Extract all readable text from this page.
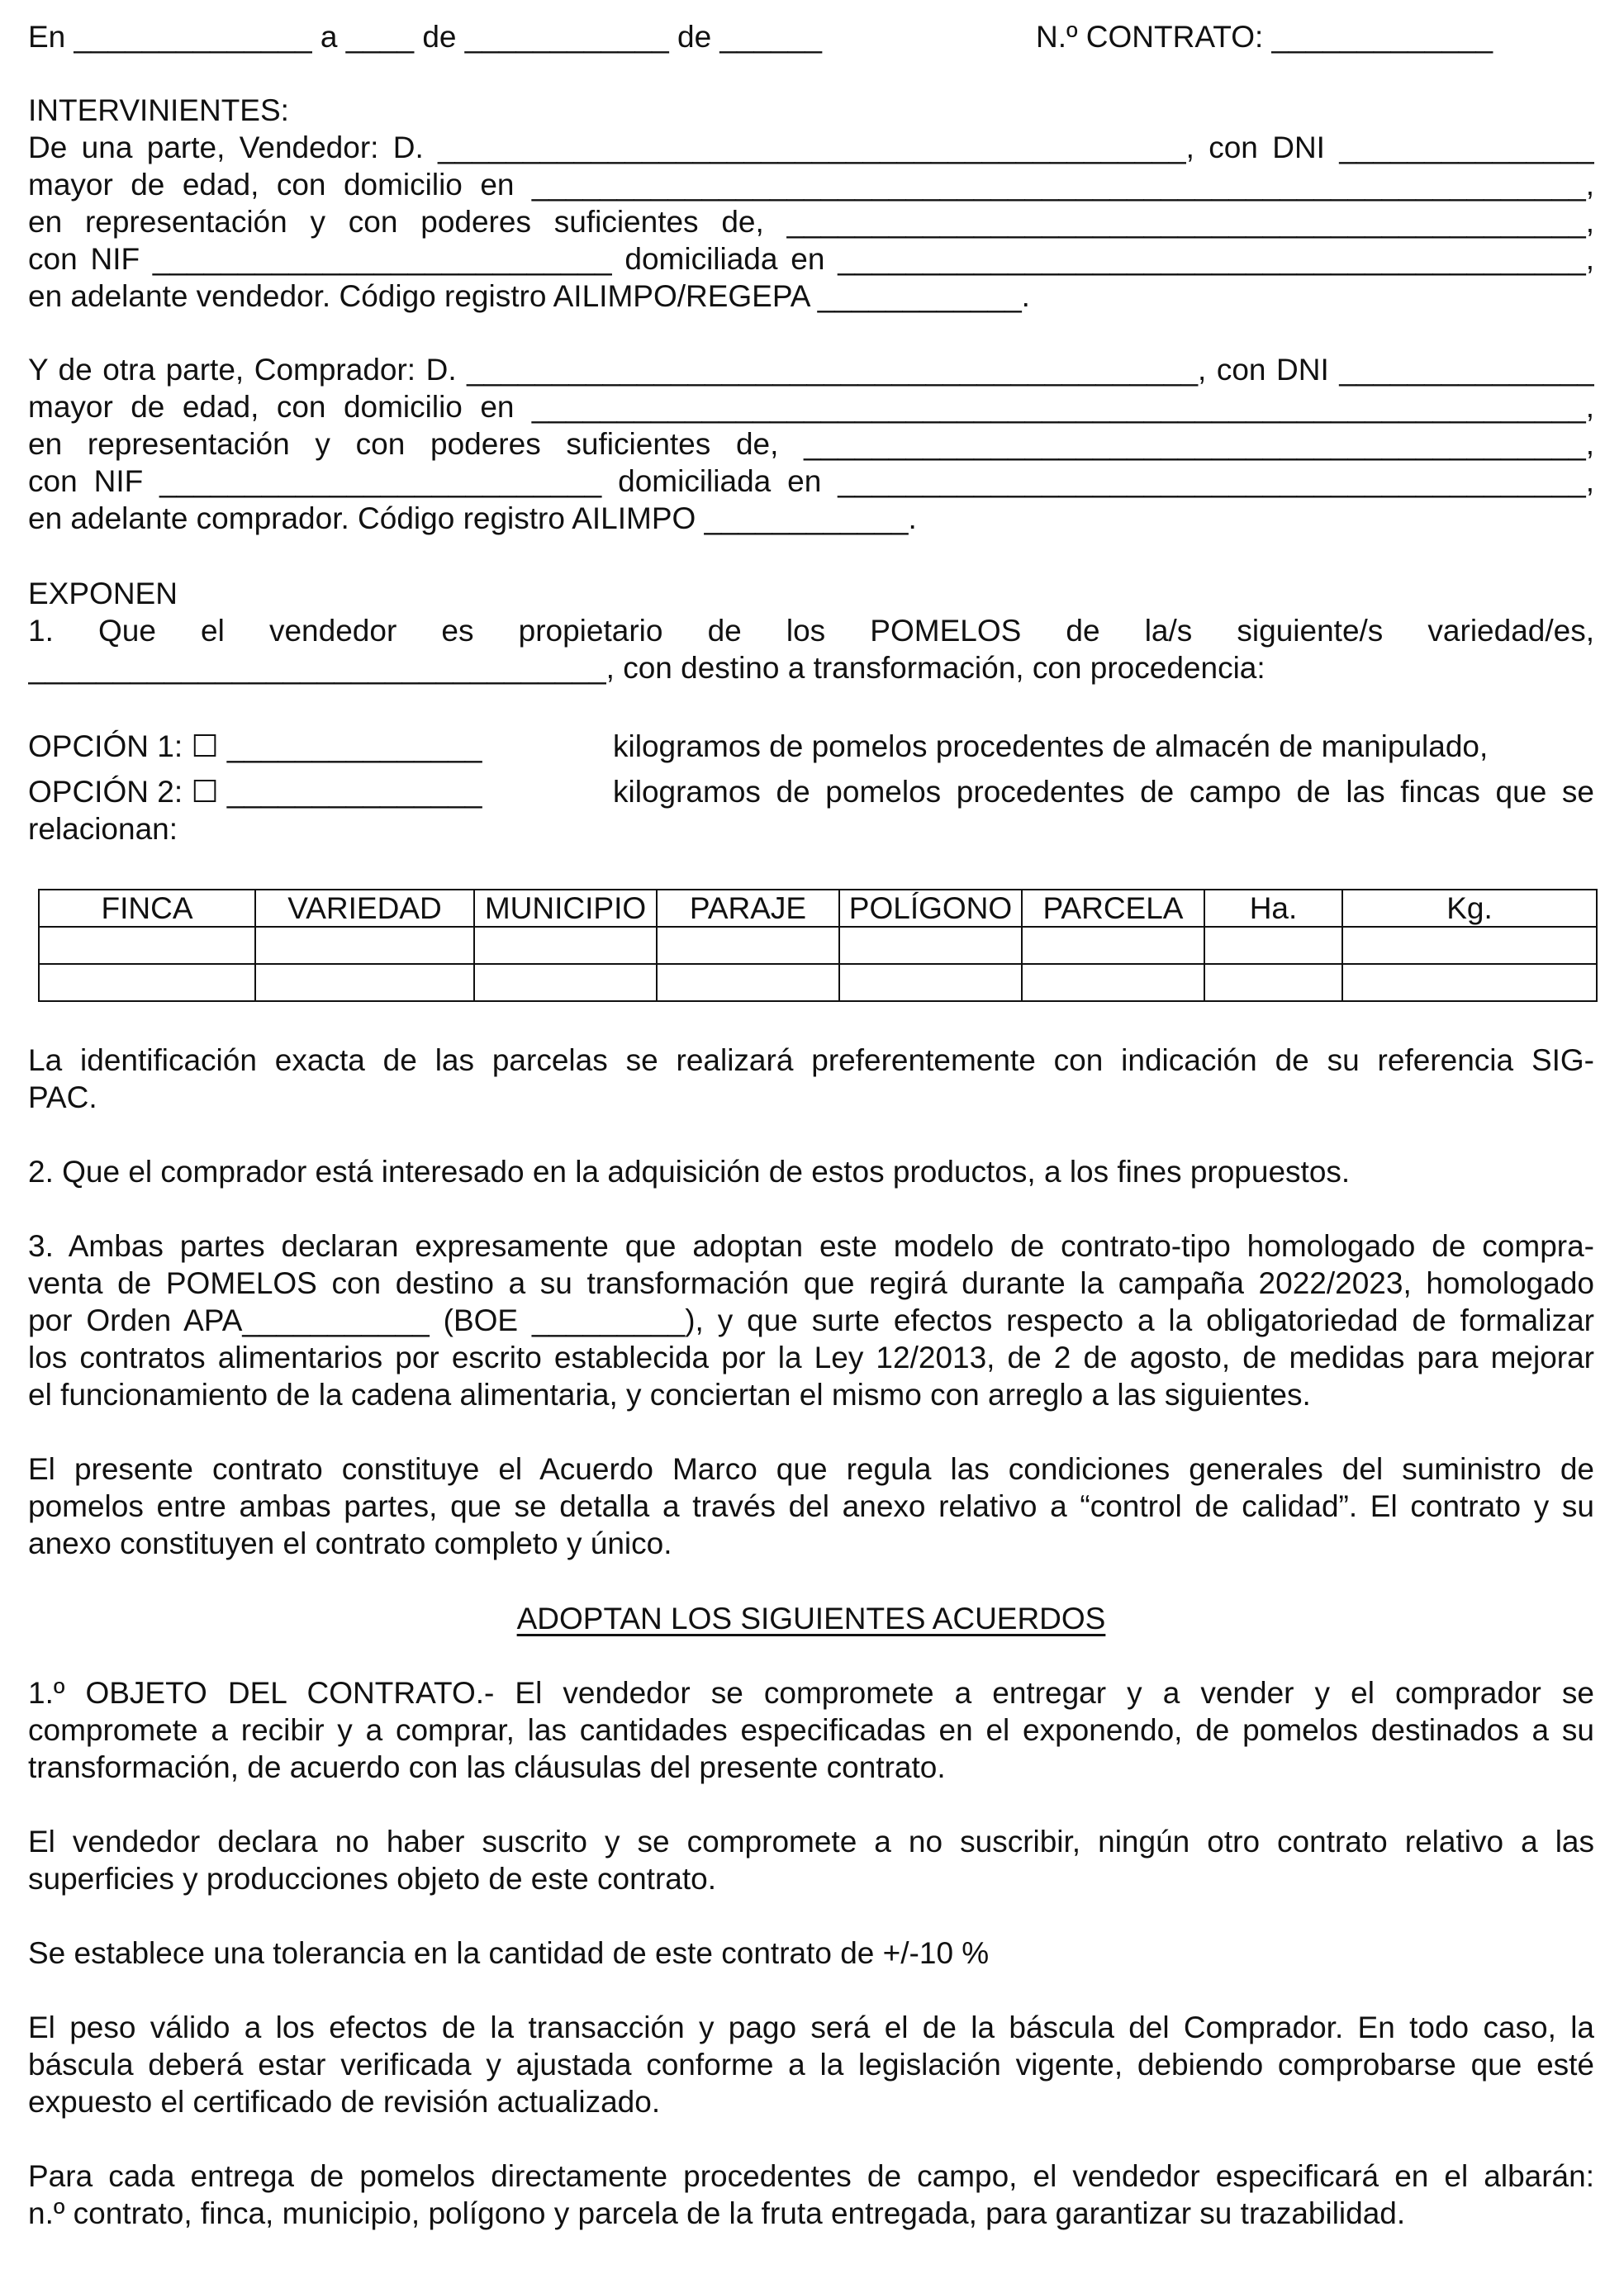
En ______________ a ____ de ____________ de ______	N.º CONTRATO: _____________
INTERVINIENTES:
De una parte, Vendedor: D. ____________________________________________, con DNI _______________
mayor de edad, con domicilio en ______________________________________________________________,
en representación y con poderes suficientes de, _______________________________________________,
con NIF ___________________________ domiciliada en ____________________________________________,
en adelante vendedor. Código registro AILIMPO/REGEPA ____________.
Y de otra parte, Comprador: D. ___________________________________________, con DNI _______________
mayor de edad, con domicilio en ______________________________________________________________,
en representación y con poderes suficientes de, ______________________________________________,
con NIF __________________________ domiciliada en ____________________________________________,
en adelante comprador. Código registro AILIMPO ____________.
EXPONEN
1. Que el vendedor es propietario de los POMELOS de la/s siguiente/s variedad/es,
__________________________________, con destino a transformación, con procedencia:
OPCIÓN 1: ☐ _______________	kilogramos de pomelos procedentes de almacén de manipulado,
OPCIÓN 2: ☐ _______________	kilogramos de pomelos procedentes de campo de las fincas que se
relacionan:
FINCA	VARIEDAD	MUNICIPIO	PARAJE	POLÍGONO	PARCELA	Ha.	Kg.

La identificación exacta de las parcelas se realizará preferentemente con indicación de su referencia SIG-
PAC.
2. Que el comprador está interesado en la adquisición de estos productos, a los fines propuestos.
3. Ambas partes declaran expresamente que adoptan este modelo de contrato-tipo homologado de compra-
venta de POMELOS con destino a su transformación que regirá durante la campaña 2022/2023, homologado
por Orden APA___________ (BOE _________), y que surte efectos respecto a la obligatoriedad de formalizar
los contratos alimentarios por escrito establecida por la Ley 12/2013, de 2 de agosto, de medidas para mejorar
el funcionamiento de la cadena alimentaria, y conciertan el mismo con arreglo a las siguientes.
El presente contrato constituye el Acuerdo Marco que regula las condiciones generales del suministro de
pomelos entre ambas partes, que se detalla a través del anexo relativo a “control de calidad”. El contrato y su
anexo constituyen el contrato completo y único.
ADOPTAN LOS SIGUIENTES ACUERDOS
1.º OBJETO DEL CONTRATO.- El vendedor se compromete a entregar y a vender y el comprador se
compromete a recibir y a comprar, las cantidades especificadas en el exponendo, de pomelos destinados a su
transformación, de acuerdo con las cláusulas del presente contrato.
El vendedor declara no haber suscrito y se compromete a no suscribir, ningún otro contrato relativo a las
superficies y producciones objeto de este contrato.
Se establece una tolerancia en la cantidad de este contrato de +/-10 %
El peso válido a los efectos de la transacción y pago será el de la báscula del Comprador. En todo caso, la
báscula deberá estar verificada y ajustada conforme a la legislación vigente, debiendo comprobarse que esté
expuesto el certificado de revisión actualizado.
Para cada entrega de pomelos directamente procedentes de campo, el vendedor especificará en el albarán:
n.º contrato, finca, municipio, polígono y parcela de la fruta entregada, para garantizar su trazabilidad.
